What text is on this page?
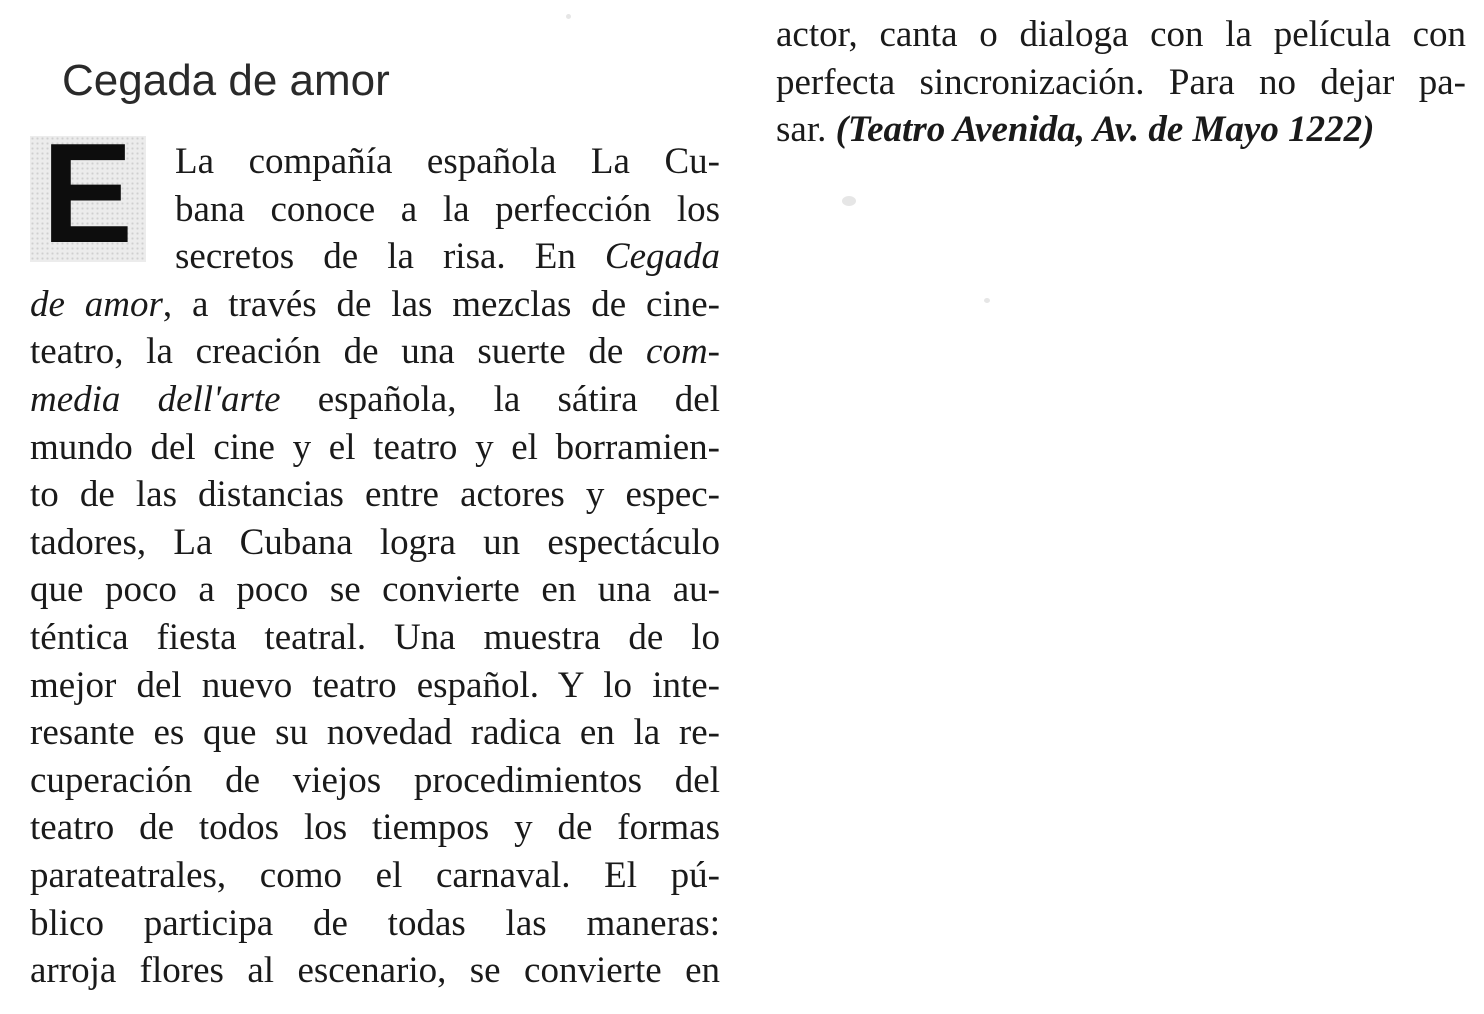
Cegada de amor
E La compañía española La Cu-
bana conoce a la perfección los
secretos de la risa. En Cegada
de amor, a través de las mezclas de cine-
teatro, la creación de una suerte de com-
media dell'arte española, la sátira del
mundo del cine y el teatro y el borramien-
to de las distancias entre actores y espec-
tadores, La Cubana logra un espectáculo
que poco a poco se convierte en una au-
téntica fiesta teatral. Una muestra de lo
mejor del nuevo teatro español. Y lo inte-
resante es que su novedad radica en la re-
cuperación de viejos procedimientos del
teatro de todos los tiempos y de formas
parateatrales, como el carnaval. El pú-
blico participa de todas las maneras:
arroja flores al escenario, se convierte en
actor, canta o dialoga con la película con
perfecta sincronización. Para no dejar pa-
sar. (Teatro Avenida, Av. de Mayo 1222)
